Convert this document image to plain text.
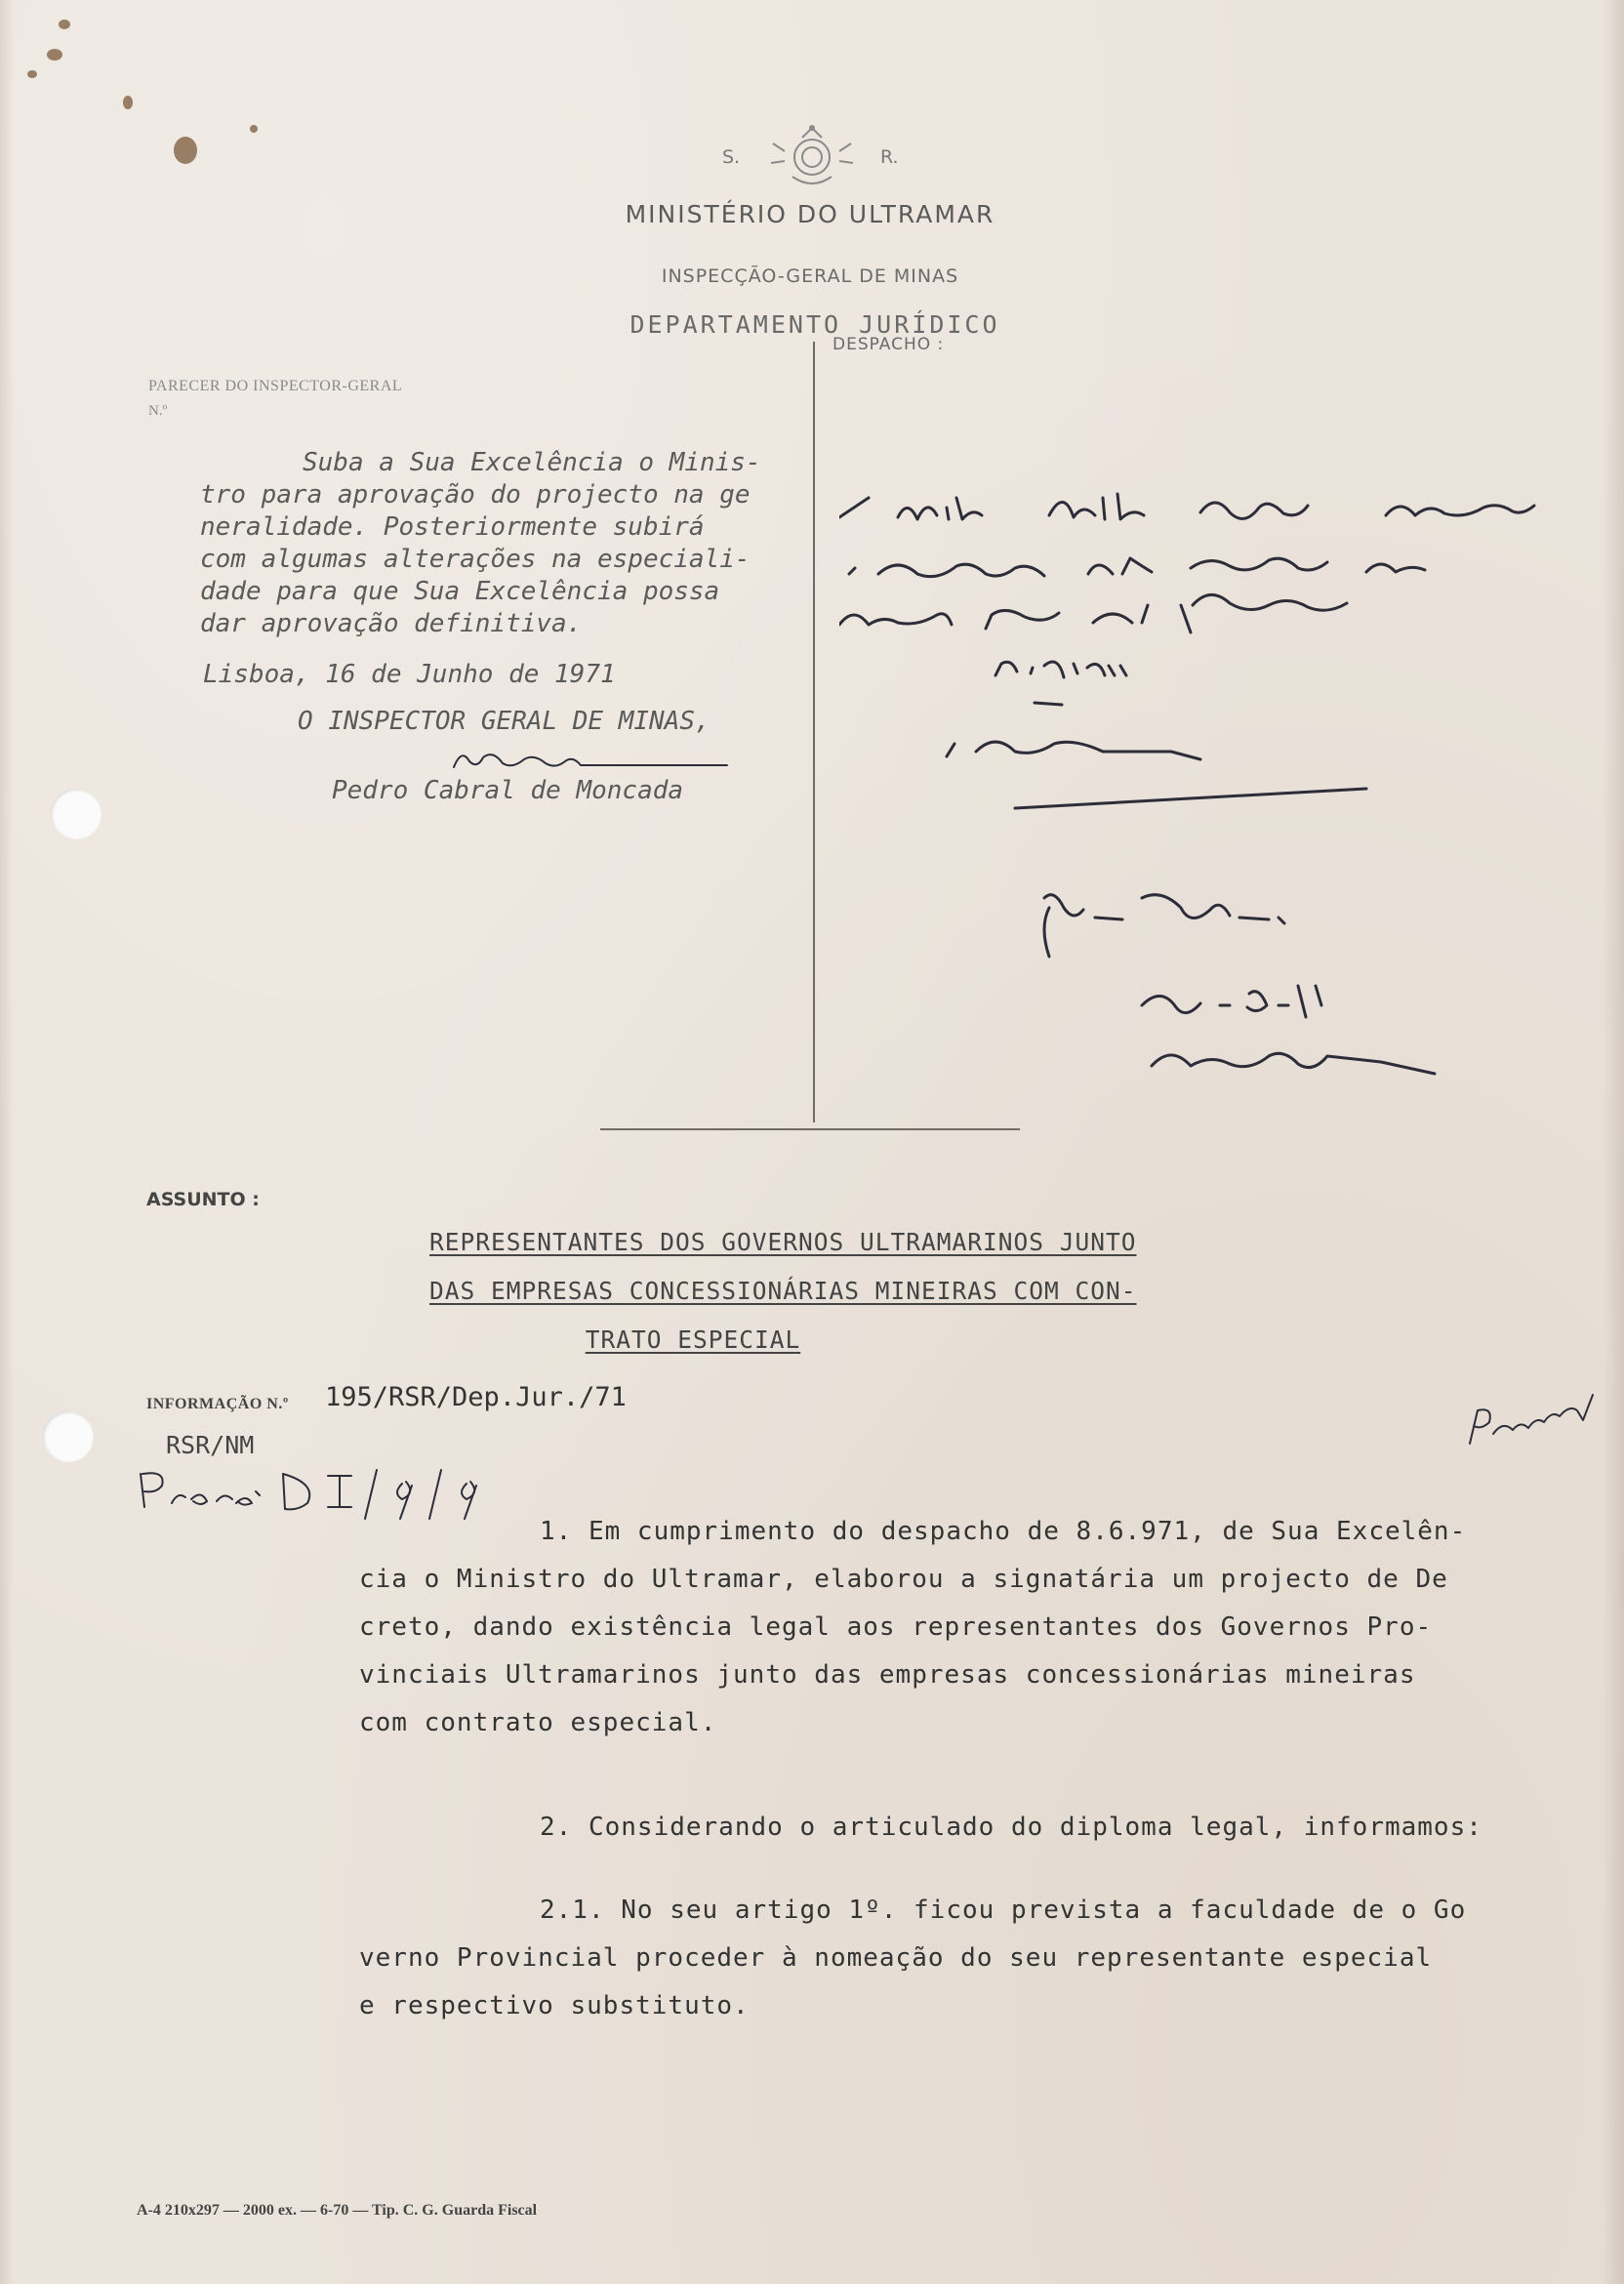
S.	R.
MINISTÉRIO DO ULTRAMAR
INSPECÇÃO-GERAL DE MINAS
DEPARTAMENTO JURÍDICO
DESPACHO :
PARECER DO INSPECTOR-GERAL
N.º
Suba a Sua Excelência o Minis-
tro para aprovação do projecto na ge
neralidade. Posteriormente subirá
com algumas alterações na especiali-
dade para que Sua Excelência possa
dar aprovação definitiva.
Lisboa, 16 de Junho de 1971
O INSPECTOR GERAL DE MINAS,
Pedro Cabral de Moncada
ASSUNTO :
REPRESENTANTES DOS GOVERNOS ULTRAMARINOS JUNTO
DAS EMPRESAS CONCESSIONÁRIAS MINEIRAS COM CON-
TRATO ESPECIAL
INFORMAÇÃO N.º 195/RSR/Dep.Jur./71
RSR/NM
1. Em cumprimento do despacho de 8.6.971, de Sua Excelên-
cia o Ministro do Ultramar, elaborou a signatária um projecto de De
creto, dando existência legal aos representantes dos Governos Pro-
vinciais Ultramarinos junto das empresas concessionárias mineiras
com contrato especial.
2. Considerando o articulado do diploma legal, informamos:
2.1. No seu artigo 1º. ficou prevista a faculdade de o Go
verno Provincial proceder à nomeação do seu representante especial
e respectivo substituto.
A-4 210x297 — 2000 ex. — 6-70 — Tip. C. G. Guarda Fiscal
